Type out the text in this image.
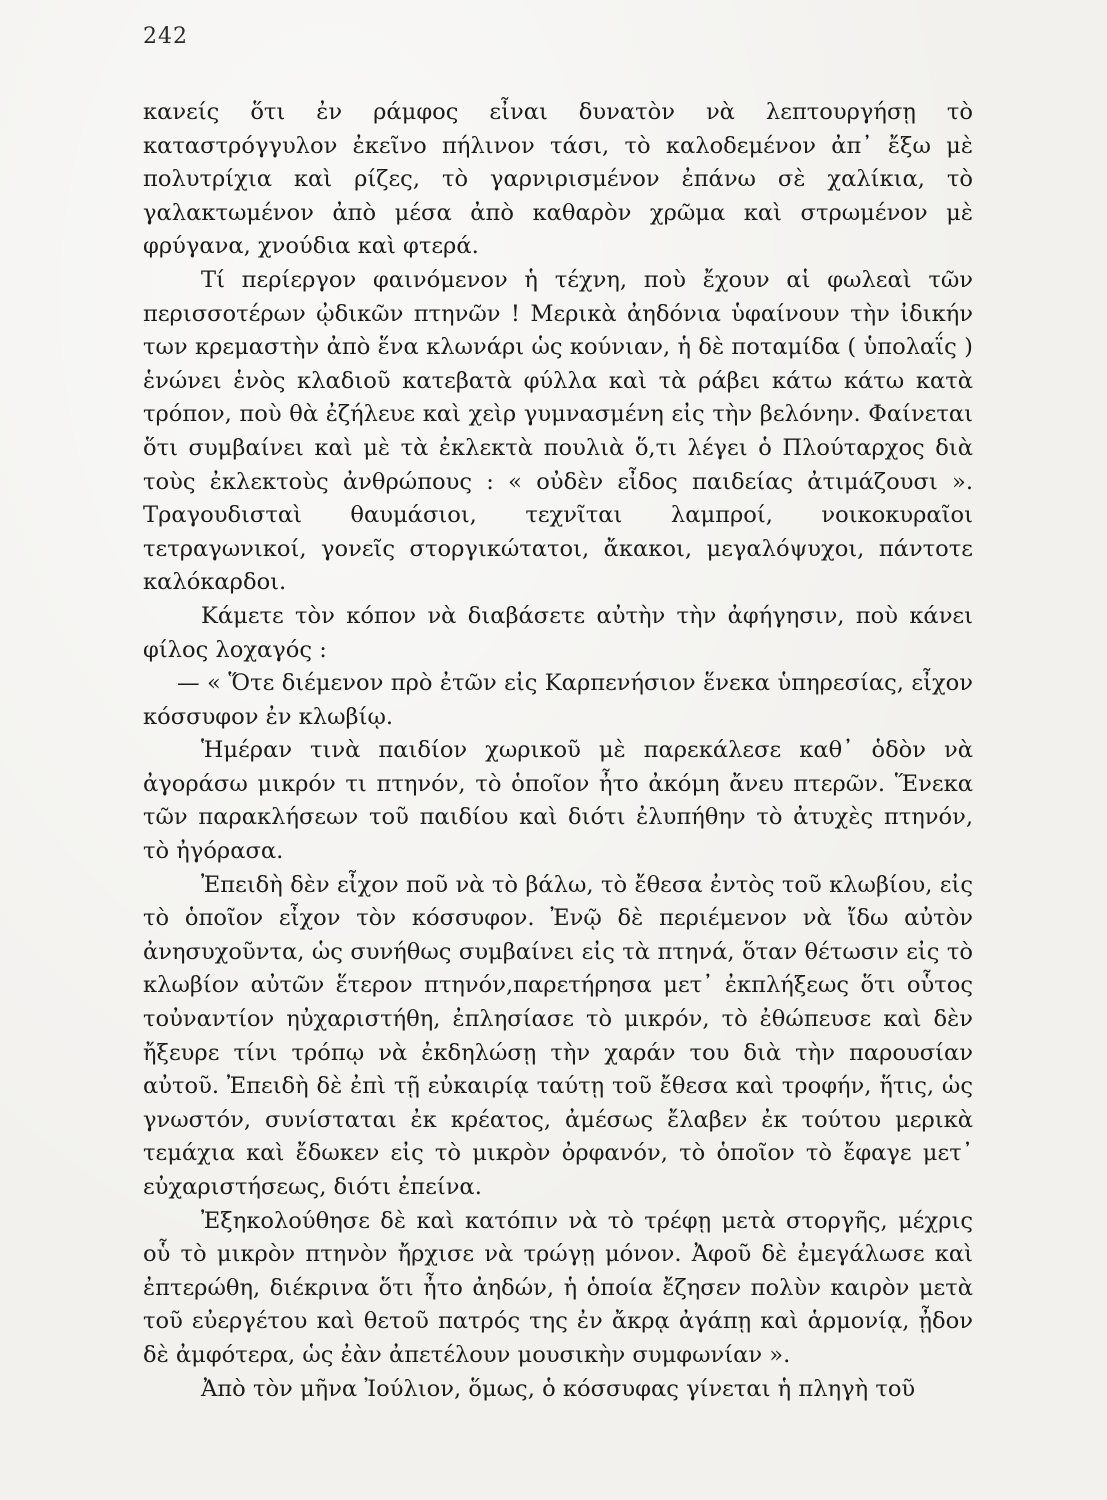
242

κανείς ὅτι ἐν ράμφος εἶναι δυνατὸν νὰ λεπτουργήσῃ τὸ καταστρόγγυλον ἐκεῖνο πήλινον τάσι, τὸ καλοδεμένον ἀπ᾿ ἔξω μὲ πολυτρίχια καὶ ρίζες, τὸ γαρνιρισμένον ἐπάνω σὲ χαλίκια, τὸ γαλακτωμένον ἀπὸ μέσα ἀπὸ καθαρὸν χρῶμα καὶ στρωμένον μὲ φρύγανα, χνούδια καὶ φτερά.

Τί περίεργον φαινόμενον ἡ τέχνη, ποὺ ἔχουν αἱ φωλεαὶ τῶν περισσοτέρων ᾠδικῶν πτηνῶν ! Μερικὰ ἀηδόνια ὑφαίνουν τὴν ἰδικήν των κρεμαστὴν ἀπὸ ἕνα κλωνάρι ὡς κούνιαν, ἡ δὲ ποταμίδα ( ὑπολαΐς ) ἑνώνει ἑνὸς κλαδιοῦ κατεβατὰ φύλλα καὶ τὰ ράβει κάτω κάτω κατὰ τρόπον, ποὺ θὰ ἐζήλευε καὶ χεὶρ γυμνασμένη εἰς τὴν βελόνην. Φαίνεται ὅτι συμβαίνει καὶ μὲ τὰ ἐκλεκτὰ πουλιὰ ὅ,τι λέγει ὁ Πλούταρχος διὰ τοὺς ἐκλεκτοὺς ἀνθρώπους : « οὐδὲν εἶδος παιδείας ἀτιμάζουσι ». Τραγουδισταὶ θαυμάσιοι, τεχνῖται λαμπροί, νοικοκυραῖοι τετραγωνικοί, γονεῖς στοργικώτατοι, ἄκακοι, μεγαλόψυχοι, πάντοτε καλόκαρδοι.

Κάμετε τὸν κόπον νὰ διαβάσετε αὐτὴν τὴν ἀφήγησιν, ποὺ κάνει φίλος λοχαγός :

— « Ὅτε διέμενον πρὸ ἐτῶν εἰς Καρπενήσιον ἕνεκα ὑπηρεσίας, εἶχον κόσσυφον ἐν κλωβίῳ.

Ἡμέραν τινὰ παιδίον χωρικοῦ μὲ παρεκάλεσε καθ᾿ ὁδὸν νὰ ἀγοράσω μικρόν τι πτηνόν, τὸ ὁποῖον ἦτο ἀκόμη ἄνευ πτερῶν. Ἕνεκα τῶν παρακλήσεων τοῦ παιδίου καὶ διότι ἐλυπήθην τὸ ἀτυχὲς πτηνόν, τὸ ἠγόρασα.

Ἐπειδὴ δὲν εἶχον ποῦ νὰ τὸ βάλω, τὸ ἔθεσα ἐντὸς τοῦ κλωβίου, εἰς τὸ ὁποῖον εἶχον τὸν κόσσυφον. Ἐνῷ δὲ περιέμενον νὰ ἴδω αὐτὸν ἀνησυχοῦντα, ὡς συνήθως συμβαίνει εἰς τὰ πτηνά, ὅταν θέτωσιν εἰς τὸ κλωβίον αὐτῶν ἕτερον πτηνόν,παρετήρησα μετ᾿ ἐκπλήξεως ὅτι οὗτος τοὐναντίον ηὐχαριστήθη, ἐπλησίασε τὸ μικρόν, τὸ ἐθώπευσε καὶ δὲν ἤξευρε τίνι τρόπῳ νὰ ἐκδηλώσῃ τὴν χαράν του διὰ τὴν παρουσίαν αὐτοῦ. Ἐπειδὴ δὲ ἐπὶ τῇ εὐκαιρίᾳ ταύτῃ τοῦ ἔθεσα καὶ τροφήν, ἥτις, ὡς γνωστόν, συνίσταται ἐκ κρέατος, ἀμέσως ἔλαβεν ἐκ τούτου μερικὰ τεμάχια καὶ ἔδωκεν εἰς τὸ μικρὸν ὀρφανόν, τὸ ὁποῖον τὸ ἔφαγε μετ᾿ εὐχαριστήσεως, διότι ἐπείνα.

Ἐξηκολούθησε δὲ καὶ κατόπιν νὰ τὸ τρέφῃ μετὰ στοργῆς, μέχρις οὗ τὸ μικρὸν πτηνὸν ἤρχισε νὰ τρώγῃ μόνον. Ἀφοῦ δὲ ἐμεγάλωσε καὶ ἐπτερώθη, διέκρινα ὅτι ἦτο ἀηδών, ἡ ὁποία ἔζησεν πολὺν καιρὸν μετὰ τοῦ εὐεργέτου καὶ θετοῦ πατρός της ἐν ἄκρᾳ ἀγάπῃ καὶ ἁρμονίᾳ, ᾖδον δὲ ἀμφότερα, ὡς ἐὰν ἀπετέλουν μουσικὴν συμφωνίαν ».

Ἀπὸ τὸν μῆνα Ἰούλιον, ὅμως, ὁ κόσσυφας γίνεται ἡ πληγὴ τοῦ
